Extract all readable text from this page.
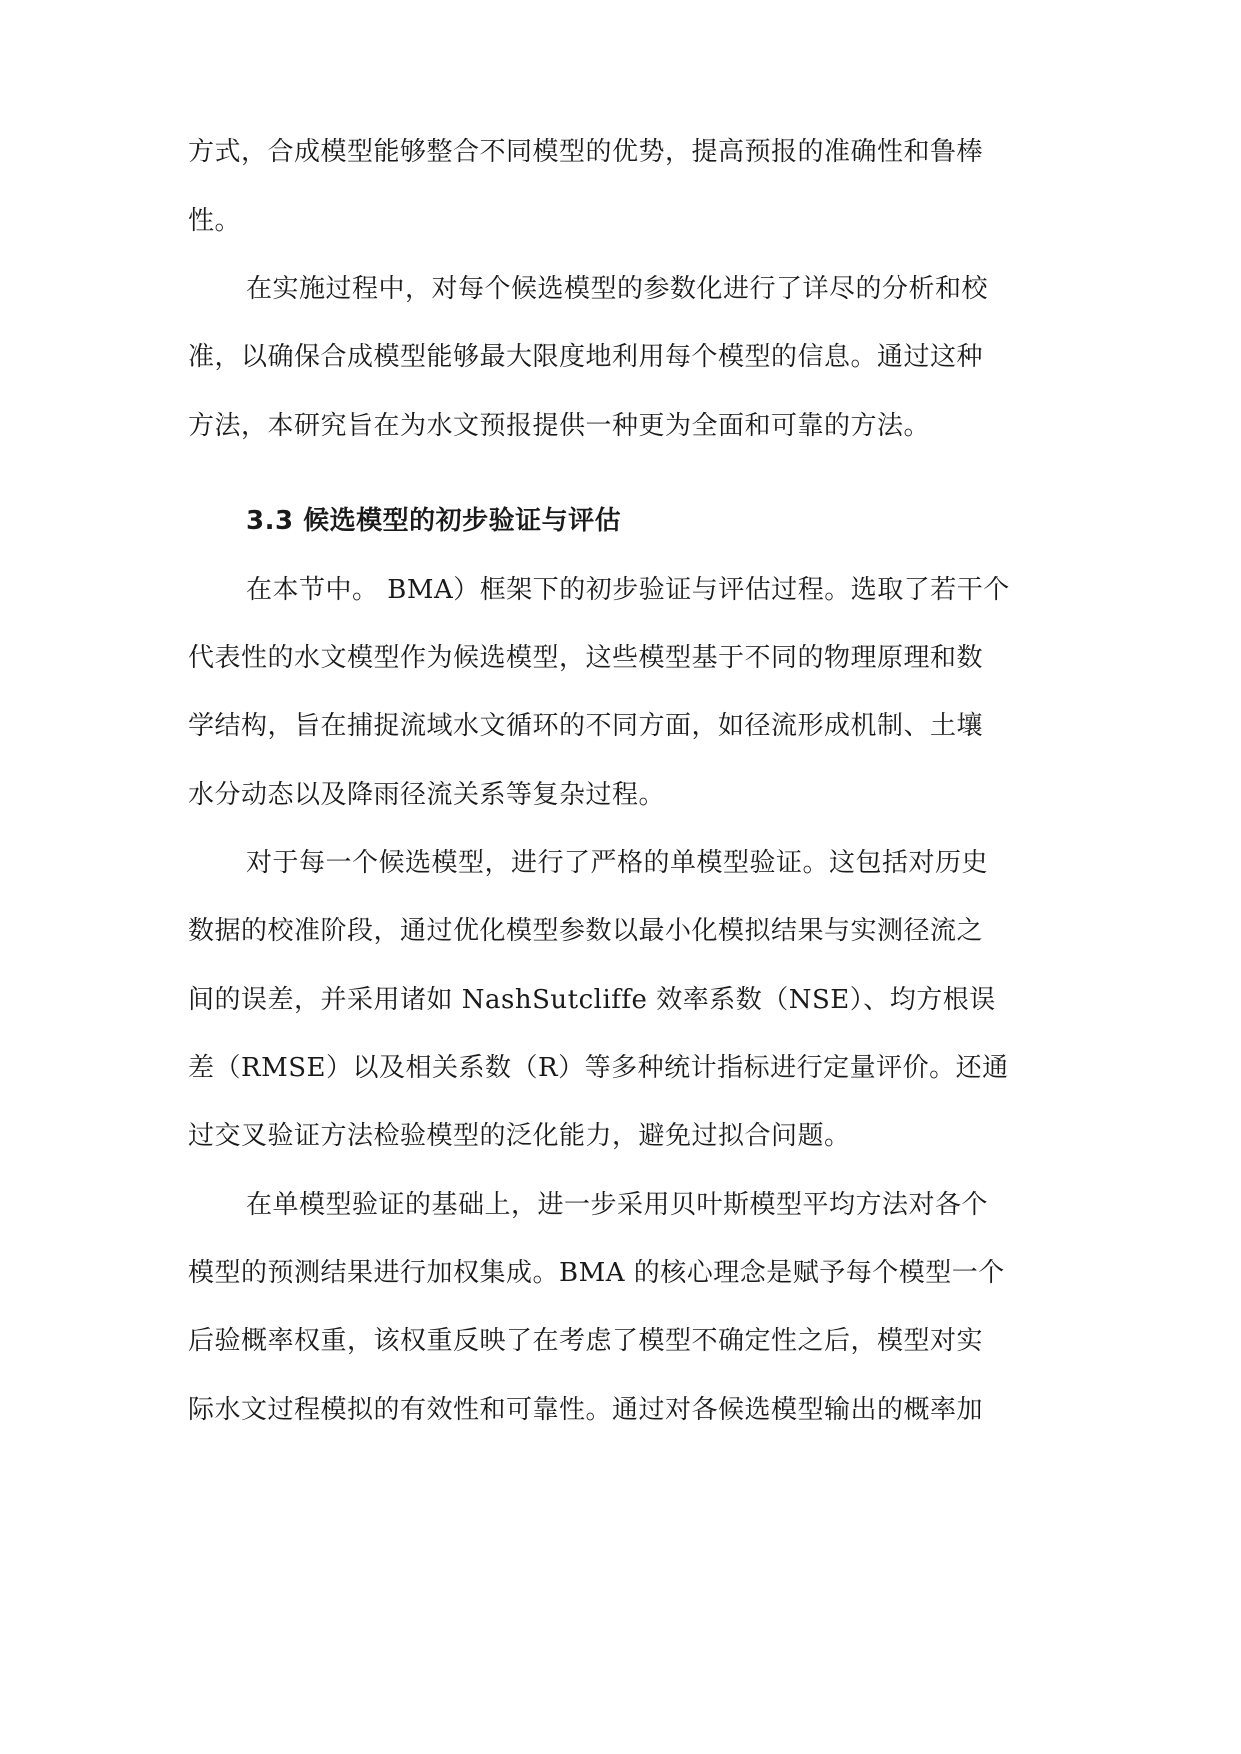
方式，合成模型能够整合不同模型的优势，提高预报的准确性和鲁棒
性。
在实施过程中，对每个候选模型的参数化进行了详尽的分析和校
准，以确保合成模型能够最大限度地利用每个模型的信息。通过这种
方法，本研究旨在为水文预报提供一种更为全面和可靠的方法。
3.3 候选模型的初步验证与评估
在本节中。 BMA）框架下的初步验证与评估过程。选取了若干个
代表性的水文模型作为候选模型，这些模型基于不同的物理原理和数
学结构，旨在捕捉流域水文循环的不同方面，如径流形成机制、土壤
水分动态以及降雨径流关系等复杂过程。
对于每一个候选模型，进行了严格的单模型验证。这包括对历史
数据的校准阶段，通过优化模型参数以最小化模拟结果与实测径流之
间的误差，并采用诸如 NashSutcliffe 效率系数（NSE）、均方根误
差（RMSE）以及相关系数（R）等多种统计指标进行定量评价。还通
过交叉验证方法检验模型的泛化能力，避免过拟合问题。
在单模型验证的基础上，进一步采用贝叶斯模型平均方法对各个
模型的预测结果进行加权集成。BMA 的核心理念是赋予每个模型一个
后验概率权重，该权重反映了在考虑了模型不确定性之后，模型对实
际水文过程模拟的有效性和可靠性。通过对各候选模型输出的概率加
